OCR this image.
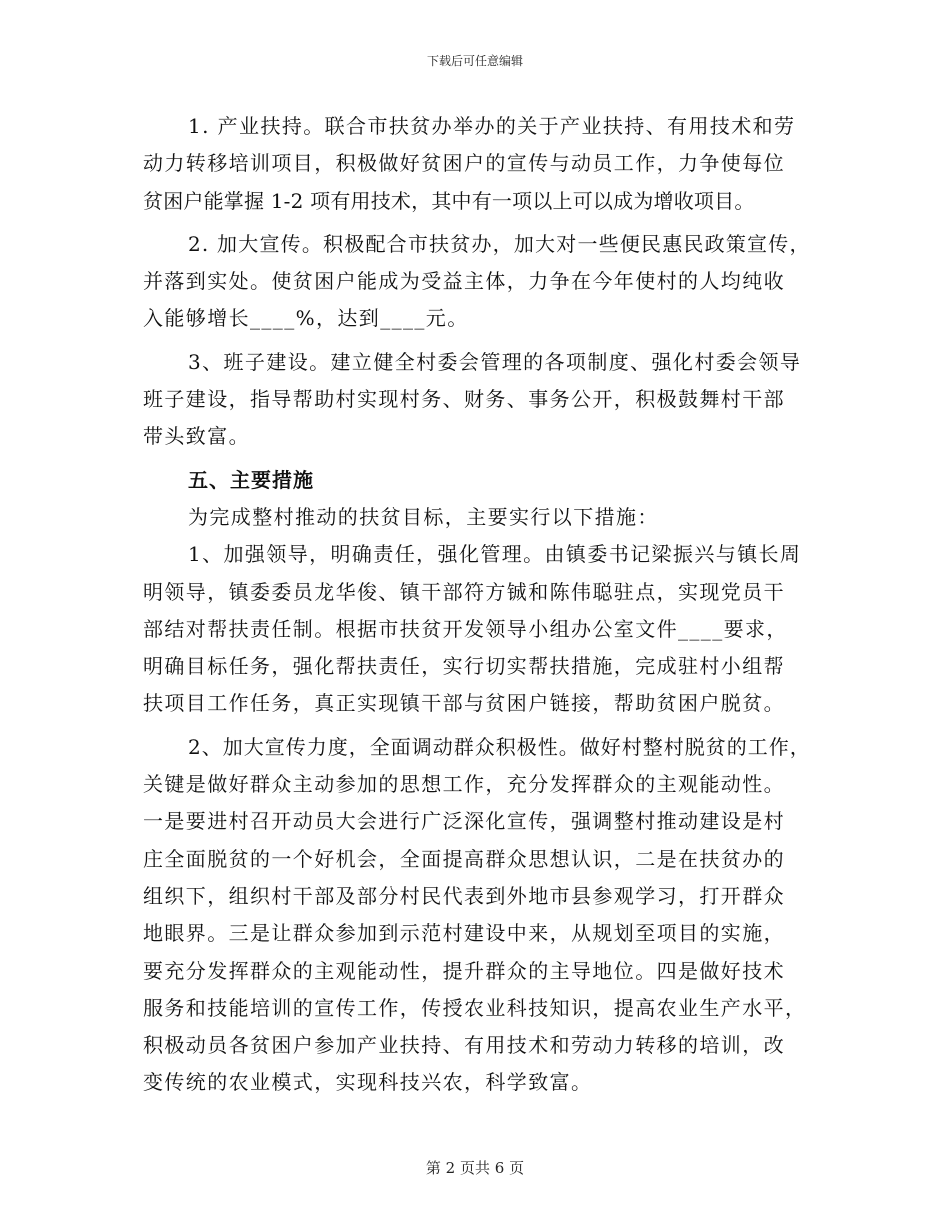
下载后可任意编辑
1. 产业扶持。联合市扶贫办举办的关于产业扶持、有用技术和劳
动力转移培训项目，积极做好贫困户的宣传与动员工作，力争使每位
贫困户能掌握 1-2 项有用技术，其中有一项以上可以成为增收项目。
2. 加大宣传。积极配合市扶贫办，加大对一些便民惠民政策宣传，
并落到实处。使贫困户能成为受益主体，力争在今年使村的人均纯收
入能够增长____%，达到____元。
3、班子建设。建立健全村委会管理的各项制度、强化村委会领导
班子建设，指导帮助村实现村务、财务、事务公开，积极鼓舞村干部
带头致富。
五、主要措施
为完成整村推动的扶贫目标，主要实行以下措施：
1、加强领导，明确责任，强化管理。由镇委书记梁振兴与镇长周
明领导，镇委委员龙华俊、镇干部符方铖和陈伟聪驻点，实现党员干
部结对帮扶责任制。根据市扶贫开发领导小组办公室文件____要求，
明确目标任务，强化帮扶责任，实行切实帮扶措施，完成驻村小组帮
扶项目工作任务，真正实现镇干部与贫困户链接，帮助贫困户脱贫。
2、加大宣传力度，全面调动群众积极性。做好村整村脱贫的工作，
关键是做好群众主动参加的思想工作，充分发挥群众的主观能动性。
一是要进村召开动员大会进行广泛深化宣传，强调整村推动建设是村
庄全面脱贫的一个好机会，全面提高群众思想认识，二是在扶贫办的
组织下，组织村干部及部分村民代表到外地市县参观学习，打开群众
地眼界。三是让群众参加到示范村建设中来，从规划至项目的实施，
要充分发挥群众的主观能动性，提升群众的主导地位。四是做好技术
服务和技能培训的宣传工作，传授农业科技知识，提高农业生产水平，
积极动员各贫困户参加产业扶持、有用技术和劳动力转移的培训，改
变传统的农业模式，实现科技兴农，科学致富。
第 2 页共 6 页
